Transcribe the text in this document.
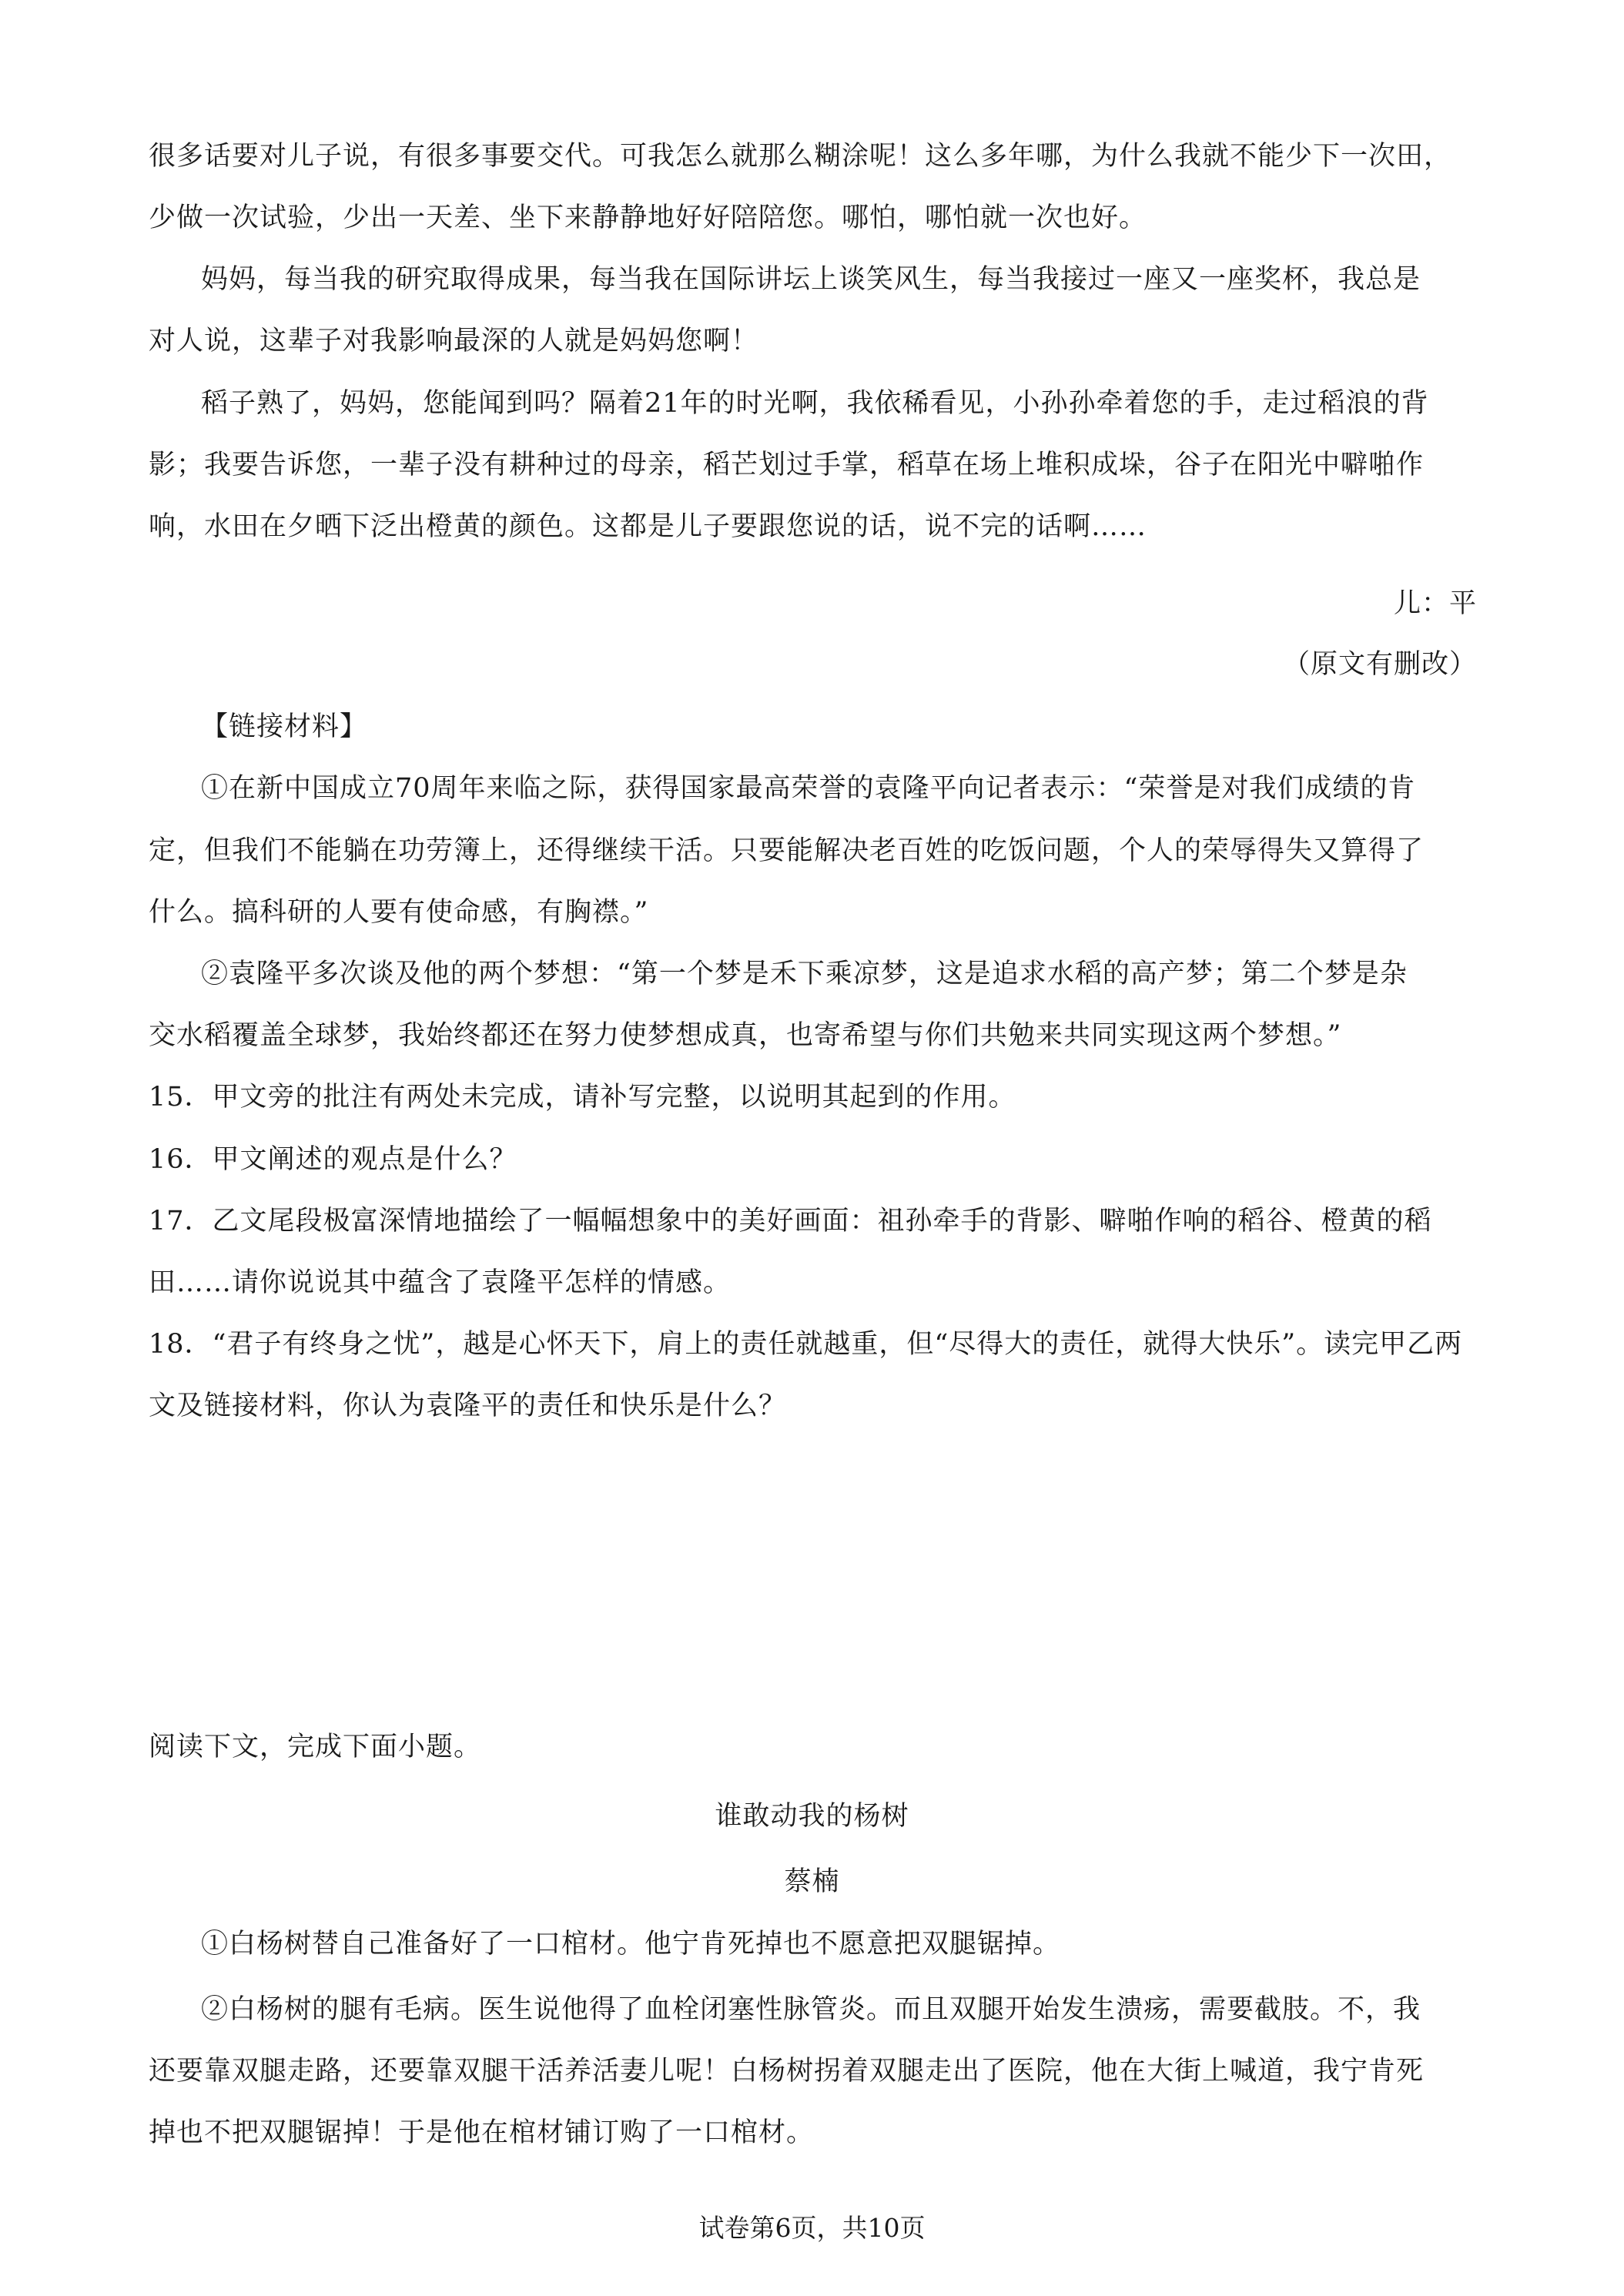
很多话要对儿子说，有很多事要交代。可我怎么就那么糊涂呢！这么多年哪，为什么我就不能少下一次田，
少做一次试验，少出一天差、坐下来静静地好好陪陪您。哪怕，哪怕就一次也好。
妈妈，每当我的研究取得成果，每当我在国际讲坛上谈笑风生，每当我接过一座又一座奖杯，我总是
对人说，这辈子对我影响最深的人就是妈妈您啊！
稻子熟了，妈妈，您能闻到吗？隔着21年的时光啊，我依稀看见，小孙孙牵着您的手，走过稻浪的背
影；我要告诉您，一辈子没有耕种过的母亲，稻芒划过手掌，稻草在场上堆积成垛，谷子在阳光中噼啪作
响，水田在夕晒下泛出橙黄的颜色。这都是儿子要跟您说的话，说不完的话啊……
儿：平
（原文有删改）
【链接材料】
①在新中国成立70周年来临之际，获得国家最高荣誉的袁隆平向记者表示：“荣誉是对我们成绩的肯
定，但我们不能躺在功劳簿上，还得继续干活。只要能解决老百姓的吃饭问题，个人的荣辱得失又算得了
什么。搞科研的人要有使命感，有胸襟。”
②袁隆平多次谈及他的两个梦想：“第一个梦是禾下乘凉梦，这是追求水稻的高产梦；第二个梦是杂
交水稻覆盖全球梦，我始终都还在努力使梦想成真，也寄希望与你们共勉来共同实现这两个梦想。”
15．甲文旁的批注有两处未完成，请补写完整，以说明其起到的作用。
16．甲文阐述的观点是什么？
17．乙文尾段极富深情地描绘了一幅幅想象中的美好画面：祖孙牵手的背影、噼啪作响的稻谷、橙黄的稻
田……请你说说其中蕴含了袁隆平怎样的情感。
18．“君子有终身之忧”，越是心怀天下，肩上的责任就越重，但“尽得大的责任，就得大快乐”。读完甲乙两
文及链接材料，你认为袁隆平的责任和快乐是什么？
阅读下文，完成下面小题。
谁敢动我的杨树
蔡楠
①白杨树替自己准备好了一口棺材。他宁肯死掉也不愿意把双腿锯掉。
②白杨树的腿有毛病。医生说他得了血栓闭塞性脉管炎。而且双腿开始发生溃疡，需要截肢。不，我
还要靠双腿走路，还要靠双腿干活养活妻儿呢！白杨树拐着双腿走出了医院，他在大街上喊道，我宁肯死
掉也不把双腿锯掉！于是他在棺材铺订购了一口棺材。
试卷第6页，共10页
